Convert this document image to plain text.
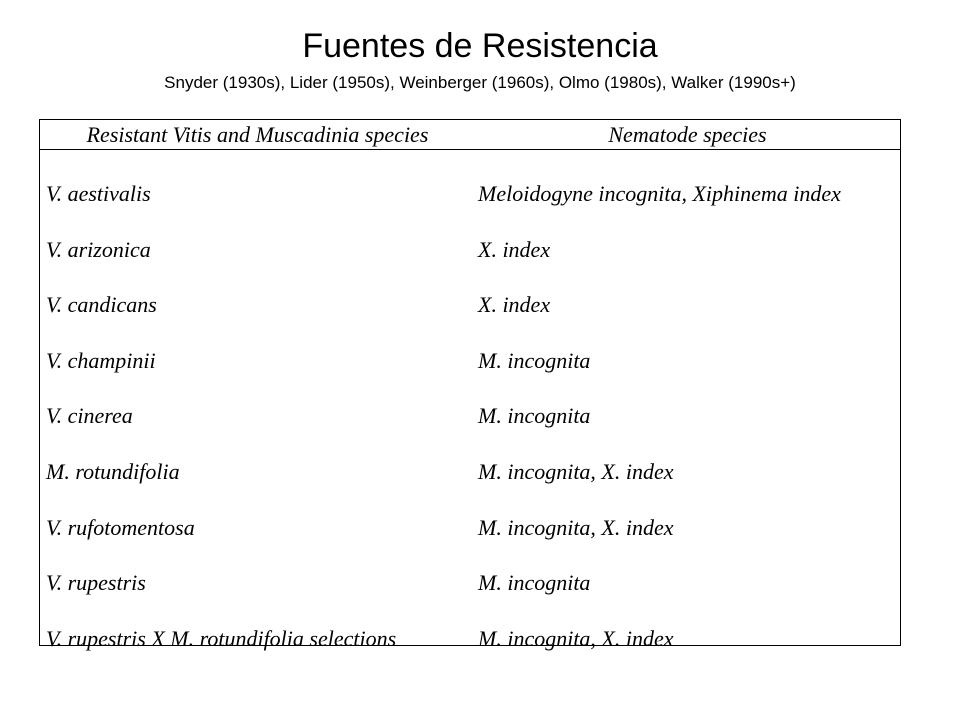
Fuentes de Resistencia
Snyder (1930s), Lider (1950s), Weinberger (1960s), Olmo (1980s), Walker (1990s+)
Resistant Vitis and Muscadinia species	Nematode species
V. aestivalis	Meloidogyne incognita, Xiphinema index
V. arizonica	X. index
V. candicans	X. index
V. champinii	M. incognita
V. cinerea	M. incognita
M. rotundifolia	M. incognita, X. index
V. rufotomentosa	M. incognita, X. index
V. rupestris	M. incognita
V. rupestris X M. rotundifolia selections	M. incognita, X. index
